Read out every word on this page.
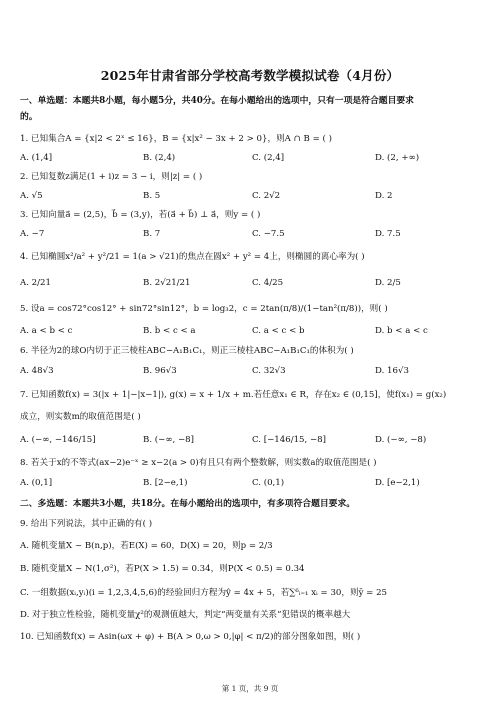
2025年甘肃省部分学校高考数学模拟试卷（4月份）
一、单选题：本题共8小题，每小题5分，共40分。在每小题给出的选项中，只有一项是符合题目要求
的。
1. 已知集合A = {x|2 < 2ˣ ≤ 16}，B = {x|x² − 3x + 2 > 0}，则A ∩ B = ( )
A. (1,4]	B. (2,4)	C. (2,4]	D. (2, +∞)
2. 已知复数z满足(1 + i)z = 3 − i，则|z| = ( )
A. √5	B. 5	C. 2√2	D. 2
3. 已知向量a⃗ = (2,5)，b⃗ = (3,y)，若(a⃗ + b⃗) ⊥ a⃗，则y = ( )
A. −7	B. 7	C. −7.5	D. 7.5
4. 已知椭圆x²/a² + y²/21 = 1(a > √21)的焦点在圆x² + y² = 4上，则椭圆的离心率为( )
A. 2/21	B. 2√21/21	C. 4/25	D. 2/5
5. 设a = cos72°cos12° + sin72°sin12°，b = log₃2，c = 2tan(π/8)/(1−tan²(π/8))，则( )
A. a < b < c	B. b < c < a	C. a < c < b	D. b < a < c
6. 半径为2的球O内切于正三棱柱ABC−A₁B₁C₁，则正三棱柱ABC−A₁B₁C₁的体积为( )
A. 48√3	B. 96√3	C. 32√3	D. 16√3
7. 已知函数f(x) = 3(|x + 1|−|x−1|), g(x) = x + 1/x + m.若任意x₁ ∈ R，存在x₂ ∈ (0,15]，使f(x₁) = g(x₂)
成立，则实数m的取值范围是( )
A. (−∞, −146/15]	B. (−∞, −8]	C. [−146/15, −8]	D. (−∞, −8)
8. 若关于x的不等式(ax−2)e⁻ˣ ≥ x−2(a > 0)有且只有两个整数解，则实数a的取值范围是( )
A. (0,1]	B. [2−e,1)	C. (0,1)	D. [e−2,1)
二、多选题：本题共3小题，共18分。在每小题给出的选项中，有多项符合题目要求。
9. 给出下列说法，其中正确的有( )
A. 随机变量X ~ B(n,p)，若E(X) = 60，D(X) = 20，则p = 2/3
B. 随机变量X ~ N(1,σ²)，若P(X > 1.5) = 0.34，则P(X < 0.5) = 0.34
C. 一组数据(xᵢ,yᵢ)(i = 1,2,3,4,5,6)的经验回归方程为ŷ = 4x + 5，若∑⁶ᵢ₌₁ xᵢ = 30，则ȳ = 25
D. 对于独立性检验，随机变量χ²的观测值越大，判定“两变量有关系”犯错误的概率越大
10. 已知函数f(x) = Asin(ωx + φ) + B(A > 0,ω > 0,|φ| < π/2)的部分图象如图，则( )
第 1 页，共 9 页
